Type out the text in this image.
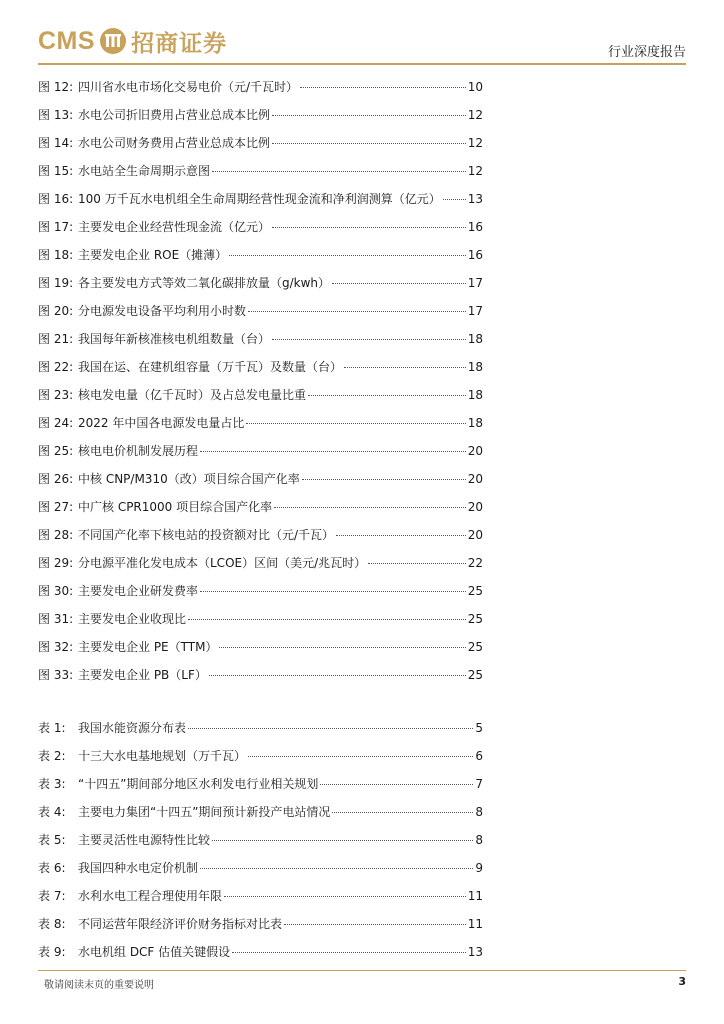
CMS 招商证券	行业深度报告
图 12: 四川省水电市场化交易电价（元/千瓦时）	10
图 13: 水电公司折旧费用占营业总成本比例	12
图 14: 水电公司财务费用占营业总成本比例	12
图 15: 水电站全生命周期示意图	12
图 16: 100 万千瓦水电机组全生命周期经营性现金流和净利润测算（亿元） 13
图 17: 主要发电企业经营性现金流（亿元）	16
图 18: 主要发电企业 ROE（摊薄）	16
图 19: 各主要发电方式等效二氧化碳排放量（g/kwh）	17
图 20: 分电源发电设备平均利用小时数	17
图 21: 我国每年新核准核电机组数量（台）	18
图 22: 我国在运、在建机组容量（万千瓦）及数量（台）	18
图 23: 核电发电量（亿千瓦时）及占总发电量比重	18
图 24: 2022 年中国各电源发电量占比	18
图 25: 核电电价机制发展历程	20
图 26: 中核 CNP/M310（改）项目综合国产化率	20
图 27: 中广核 CPR1000 项目综合国产化率	20
图 28: 不同国产化率下核电站的投资额对比（元/千瓦）	20
图 29: 分电源平准化发电成本（LCOE）区间（美元/兆瓦时）	22
图 30: 主要发电企业研发费率	25
图 31: 主要发电企业收现比	25
图 32: 主要发电企业 PE（TTM）	25
图 33: 主要发电企业 PB（LF）	25
表 1:	我国水能资源分布表	5
表 2:	十三大水电基地规划（万千瓦）	6
表 3:	“十四五”期间部分地区水利发电行业相关规划	7
表 4:	主要电力集团“十四五”期间预计新投产电站情况	8
表 5:	主要灵活性电源特性比较	8
表 6:	我国四种水电定价机制	9
表 7:	水利水电工程合理使用年限	11
表 8:	不同运营年限经济评价财务指标对比表	11
表 9:	水电机组 DCF 估值关键假设	13
敬请阅读末页的重要说明	3
